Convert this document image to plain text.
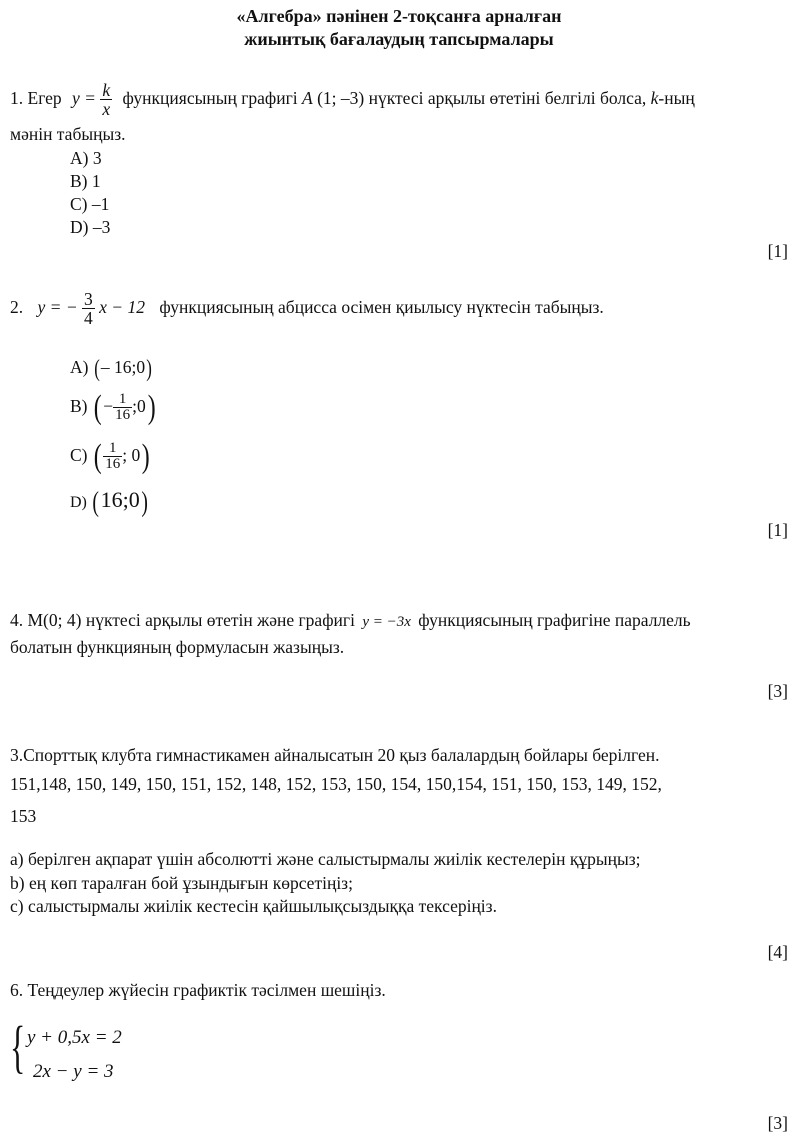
«Алгебра» пәнінен 2-тоқсанға арналған
жиынтық бағалаудың тапсырмалары
1. Егер $y = \frac{k}{x}$ функциясының графигі A (1; –3) нүктесі арқылы өтетіні белгілі болса, k-ның
мәнін табыңыз.
A) 3
B) 1
C) –1
D) –3
[1]
2. y = − $\frac{3}{4}$ x − 12 функциясының абцисса осімен қиылысу нүктесін табыңыз.
A) (– 16;0)
B) (− $\frac{1}{16}$ ;0)
C) ( $\frac{1}{16}$ ; 0)
D) (16;0)
[1]
4. М(0; 4) нүктесі арқылы өтетін және графигі y = −3x функциясының графигіне параллель
болатын функцияның формуласын жазыңыз.
[3]
3.Спорттық клубта гимнастикамен айналысатын 20 қыз балалардың бойлары берілген.
151,148, 150, 149, 150, 151, 152, 148, 152, 153, 150, 154, 150,154, 151, 150, 153, 149, 152,
153
а) берілген ақпарат үшін абсолютті және салыстырмалы жиілік кестелерін құрыңыз;
b) ең көп таралған бой ұзындығын көрсетіңіз;
с) салыстырмалы жиілік кестесін қайшылықсыздыққа тексеріңіз.
[4]
6. Теңдеулер жүйесін графиктік тәсілмен шешіңіз.
{ y + 0,5x = 2
2x − y = 3
[3]
